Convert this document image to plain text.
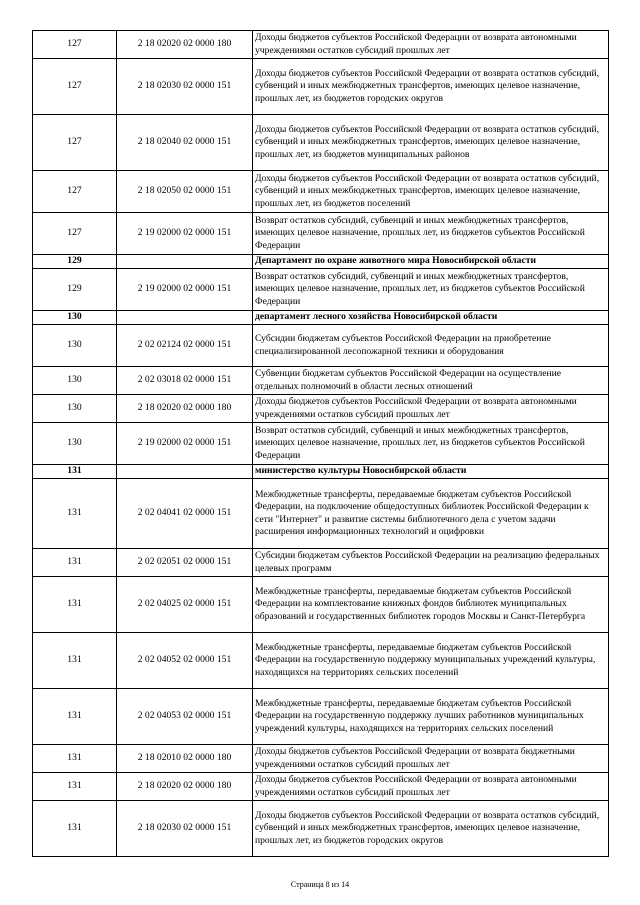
127	2 18 02020 02 0000 180	Доходы бюджетов субъектов Российской Федерации от возврата автономными учреждениями остатков субсидий прошлых лет
127	2 18 02030 02 0000 151	Доходы бюджетов субъектов Российской Федерации от возврата остатков субсидий, субвенций и иных межбюджетных трансфертов, имеющих целевое назначение, прошлых лет, из бюджетов городских округов
127	2 18 02040 02 0000 151	Доходы бюджетов субъектов Российской Федерации от возврата остатков субсидий, субвенций и иных межбюджетных трансфертов, имеющих целевое назначение, прошлых лет, из бюджетов муниципальных районов
127	2 18 02050 02 0000 151	Доходы бюджетов субъектов Российской Федерации от возврата остатков субсидий, субвенций и иных межбюджетных трансфертов, имеющих целевое назначение, прошлых лет, из бюджетов поселений
127	2 19 02000 02 0000 151	Возврат остатков субсидий, субвенций и иных межбюджетных трансфертов, имеющих целевое назначение, прошлых лет, из бюджетов субъектов Российской Федерации
129		Департамент по охране животного мира Новосибирской области
129	2 19 02000 02 0000 151	Возврат остатков субсидий, субвенций и иных межбюджетных трансфертов, имеющих целевое назначение, прошлых лет, из бюджетов субъектов Российской Федерации
130		департамент лесного хозяйства Новосибирской области
130	2 02 02124 02 0000 151	Субсидии бюджетам субъектов Российской Федерации на приобретение специализированной лесопожарной техники и оборудования
130	2 02 03018 02 0000 151	Субвенции бюджетам субъектов Российской Федерации на осуществление отдельных полномочий в области лесных отношений
130	2 18 02020 02 0000 180	Доходы бюджетов субъектов Российской Федерации от возврата автономными учреждениями остатков субсидий прошлых лет
130	2 19 02000 02 0000 151	Возврат остатков субсидий, субвенций и иных межбюджетных трансфертов, имеющих целевое назначение, прошлых лет, из бюджетов субъектов Российской Федерации
131		министерство культуры Новосибирской области
131	2 02 04041 02 0000 151	Межбюджетные трансферты, передаваемые бюджетам субъектов Российской Федерации, на подключение общедоступных библиотек Российской Федерации к сети "Интернет" и развитие системы библиотечного дела с учетом задачи расширения информационных технологий и оцифровки
131	2 02 02051 02 0000 151	Субсидии бюджетам субъектов Российской Федерации на реализацию федеральных целевых программ
131	2 02 04025 02 0000 151	Межбюджетные трансферты, передаваемые бюджетам субъектов Российской Федерации на комплектование книжных фондов библиотек муниципальных образований и государственных библиотек городов Москвы и Санкт-Петербурга
131	2 02 04052 02 0000 151	Межбюджетные трансферты, передаваемые бюджетам субъектов Российской Федерации на государственную поддержку муниципальных учреждений культуры, находящихся на территориях сельских поселений
131	2 02 04053 02 0000 151	Межбюджетные трансферты, передаваемые бюджетам субъектов Российской Федерации на государственную поддержку лучших работников муниципальных учреждений культуры, находящихся на территориях сельских поселений
131	2 18 02010 02 0000 180	Доходы бюджетов субъектов Российской Федерации от возврата бюджетными учреждениями остатков субсидий прошлых лет
131	2 18 02020 02 0000 180	Доходы бюджетов субъектов Российской Федерации от возврата автономными учреждениями остатков субсидий прошлых лет
131	2 18 02030 02 0000 151	Доходы бюджетов субъектов Российской Федерации от возврата остатков субсидий, субвенций и иных межбюджетных трансфертов, имеющих целевое назначение, прошлых лет, из бюджетов городских округов
Страница 8 из 14
